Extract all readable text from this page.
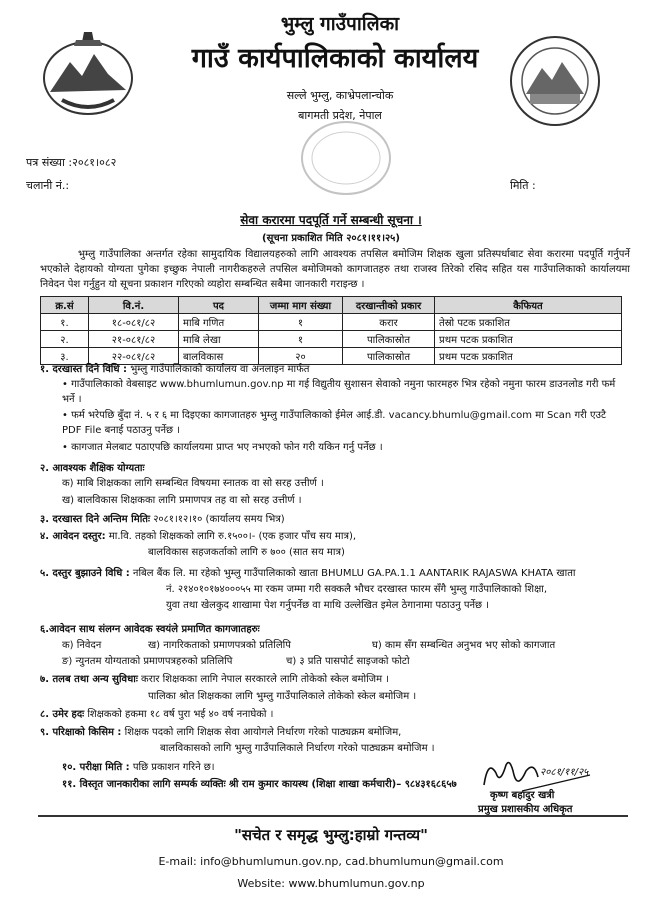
भुम्लु गाउँपालिका
गाउँ कार्यपालिकाको कार्यालय
सल्ले भुम्लु, काभ्रेपलान्चोक
बागमती प्रदेश, नेपाल
पत्र संख्या :२०८१।०८२
चलानी नं.:	मिति :
सेवा करारमा पदपूर्ति गर्ने सम्बन्धी सूचना ।
(सूचना प्रकाशित मिति २०८१।११।२५)
भुम्लु गाउँपालिका अन्तर्गत रहेका सामुदायिक विद्यालयहरुको लागि आवश्यक तपसिल बमोजिम शिक्षक खुला प्रतिस्पर्धाबाट सेवा करारमा पदपूर्ति गर्नुपर्ने भएकोले देहायको योग्यता पुगेका इच्छुक नेपाली नागरीकहरुले तपसिल बमोजिमको कागजातहरु तथा राजस्व तिरेको रसिद सहित यस गाउँपालिकाको कार्यालयमा निवेदन पेश गर्नुहुन यो सूचना प्रकाशन गरिएको व्यहोरा सम्बन्धित सबैमा जानकारी गराइन्छ ।
क्र.सं	वि.नं.	पद	जम्मा माग संख्या	दरखान्तीको प्रकार	कैफियत
१.	१८-०८१/८२	माबि गणित	१	करार	तेस्रो पटक प्रकाशित
२.	२१-०८१/८२	माबि लेखा	१	पालिकास्रोत	प्रथम पटक प्रकाशित
३.	२२-०८१/८२	बालविकास	२०	पालिकास्रोत	प्रथम पटक प्रकाशित
१. दरखास्त दिने विधि : भुम्लु गाउँपालिकाको कार्यालय वा अनलाइन मार्फत
• गाउँपालिकाको वेबसाइट www.bhumlumun.gov.np मा गई विद्युतीय सुशासन सेवाको नमुना फारमहरु भित्र रहेको नमुना फारम डाउनलोड गरी फर्म भर्ने ।
• फर्म भरेपछि बुँदा नं. ५ र ६ मा दिइएका कागजातहरु भुम्लु गाउँपालिकाको ईमेल आई.डी. vacancy.bhumlu@gmail.com मा Scan गरी एउटै PDF File बनाई पठाउनु पर्नेछ ।
• कागजात मेलबाट पठाएपछि कार्यालयमा प्राप्त भए नभएको फोन गरी यकिन गर्नु पर्नेछ ।
२. आवश्यक शैक्षिक योग्यताः
क) माबि शिक्षकका लागि सम्बन्धित विषयमा स्नातक वा सो सरह उत्तीर्ण ।
ख) बालविकास शिक्षकका लागि प्रमाणपत्र तह वा सो सरह उत्तीर्ण ।
३. दरखास्त दिने अन्तिम मितिः २०८१।१२।१० (कार्यालय समय भित्र)
४. आवेदन दस्तुर: मा.वि. तहको शिक्षकको लागि रु.१५००।- (एक हजार पाँच सय मात्र),
बालविकास सहजकर्ताको लागि रु ७०० (सात सय मात्र)
५. दस्तुर बुझाउने विधि : नबिल बैंक लि. मा रहेको भुम्लु गाउँपालिकाको खाता BHUMLU GA.PA.1.1 AANTARIK RAJASWA KHATA खाता
नं. २१४०१०१७४०००५५ मा रकम जम्मा गरी सक्कलै भौचर दरखास्त फारम सँगै भुम्लु गाउँपालिकाको शिक्षा,
युवा तथा खेलकुद शाखामा पेश गर्नुपर्नेछ वा माथि उल्लेखित इमेल ठेगानामा पठाउनु पर्नेछ ।
६.आवेदन साथ संलग्न आवेदक स्वयंले प्रमाणित कागजातहरुः
क) निवेदन	ख) नागरिकताको प्रमाणपत्रको प्रतिलिपि	घ) काम सँग सम्बन्धित अनुभव भए सोको कागजात
ङ) न्युनतम योग्यताको प्रमाणपत्रहरुको प्रतिलिपि	च) ३ प्रति पासपोर्ट साइजको फोटो
७. तलब तथा अन्य सुविधाः करार शिक्षकका लागि नेपाल सरकारले लागि तोकेको स्केल बमोजिम ।
पालिका श्रोत शिक्षकका लागि भुम्लु गाउँपालिकाले तोकेको स्केल बमोजिम ।
८. उमेर हदः शिक्षकको हकमा १८ वर्ष पुरा भई ४० वर्ष ननाघेको ।
९. परिक्षाको किसिम : शिक्षक पदको लागि शिक्षक सेवा आयोगले निर्धारण गरेको पाठ्यक्रम बमोजिम,
बालविकासको लागि भुम्लु गाउँपालिकाले निर्धारण गरेको पाठ्यक्रम बमोजिम ।
१०. परीक्षा मिति : पछि प्रकाशन गरिने छ।
११. विस्तृत जानकारीका लागि सम्पर्क व्यक्तिः श्री राम कुमार कायस्थ (शिक्षा शाखा कर्मचारी)– ९८४३१६८६५७
२०८१/११/२५
कृष्ण बहादुर खत्री
प्रमुख प्रशासकीय अधिकृत
"सचेत र समृद्ध भुम्लु:हाम्रो गन्तव्य"
E-mail: info@bhumlumun.gov.np, cad.bhumlumun@gmail.com
Website: www.bhumlumun.gov.np
